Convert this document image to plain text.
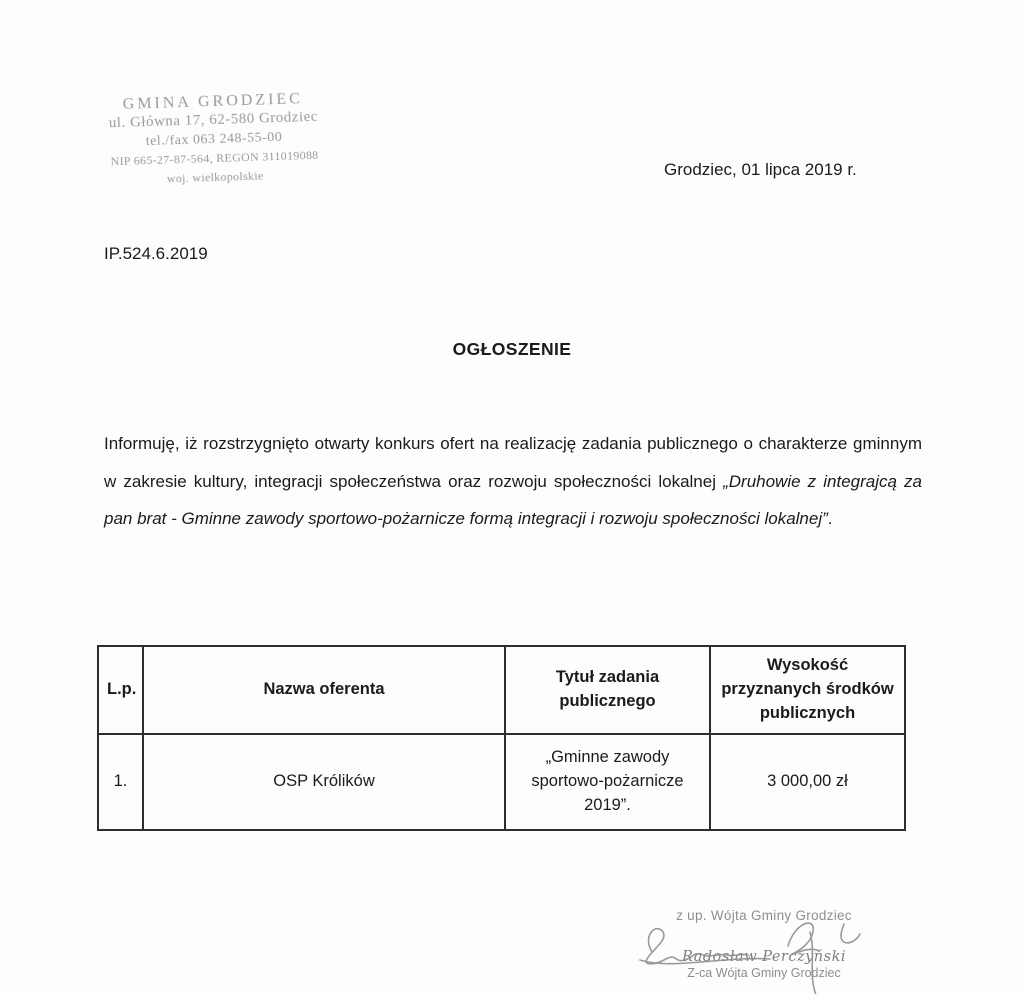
GMINA GRODZIEC
ul. Główna 17, 62-580 Grodziec
tel./fax 063 248-55-00
NIP 665-27-87-564, REGON 311019088
woj. wielkopolskie	Grodziec, 01 lipca 2019 r.
IP.524.6.2019
OGŁOSZENIE
Informuję, iż rozstrzygnięto otwarty konkurs ofert na realizację zadania publicznego o charakterze gminnym w zakresie kultury, integracji społeczeństwa oraz rozwoju społeczności lokalnej „Druhowie z integrajcą za pan brat - Gminne zawody sportowo-pożarnicze formą integracji i rozwoju społeczności lokalnej”.
L.p.	Nazwa oferenta	Tytuł zadania publicznego	Wysokość przyznanych środków publicznych
1.	OSP Królików	„Gminne zawody sportowo-pożarnicze 2019”.	3 000,00 zł
z up. Wójta Gminy Grodziec
Radosław Perczyński
Z-ca Wójta Gminy Grodziec
